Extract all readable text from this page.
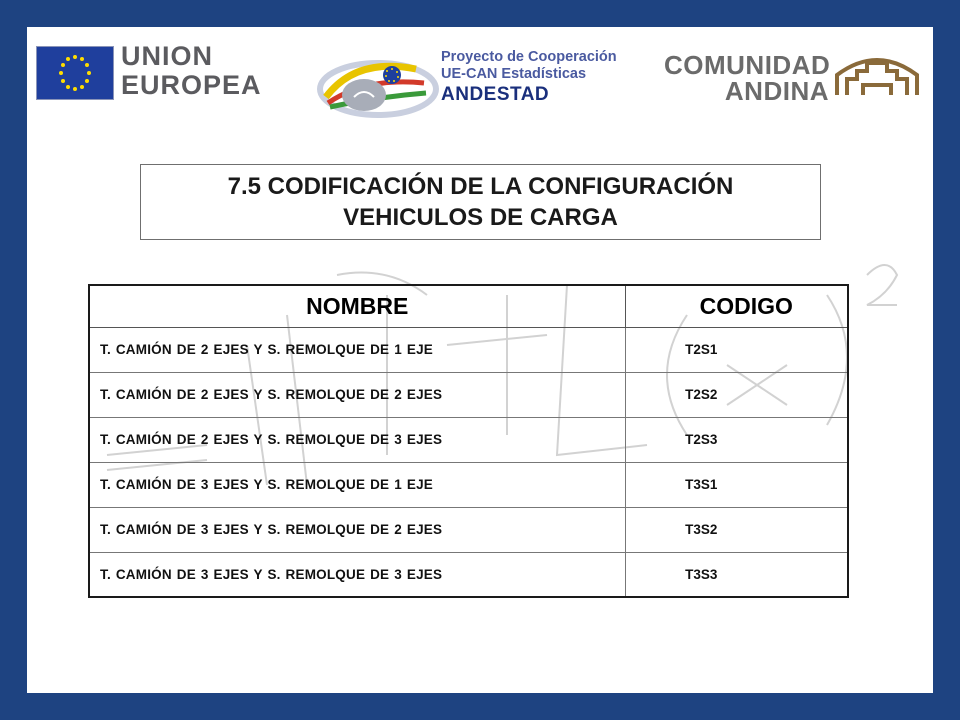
UNION
EUROPEA
Proyecto de Cooperación
UE-CAN Estadísticas
ANDESTAD
COMUNIDAD
ANDINA
7.5 CODIFICACIÓN DE LA CONFIGURACIÓN
VEHICULOS DE CARGA
NOMBRE	CODIGO
T. CAMIÓN DE 2 EJES Y S. REMOLQUE DE 1 EJE	T2S1
T. CAMIÓN DE 2 EJES Y S. REMOLQUE DE 2 EJES	T2S2
T. CAMIÓN DE 2 EJES Y S. REMOLQUE DE 3 EJES	T2S3
T. CAMIÓN DE 3 EJES Y S. REMOLQUE DE 1 EJE	T3S1
T. CAMIÓN DE 3 EJES Y S. REMOLQUE DE 2 EJES	T3S2
T. CAMIÓN DE 3 EJES Y S. REMOLQUE DE 3 EJES	T3S3
